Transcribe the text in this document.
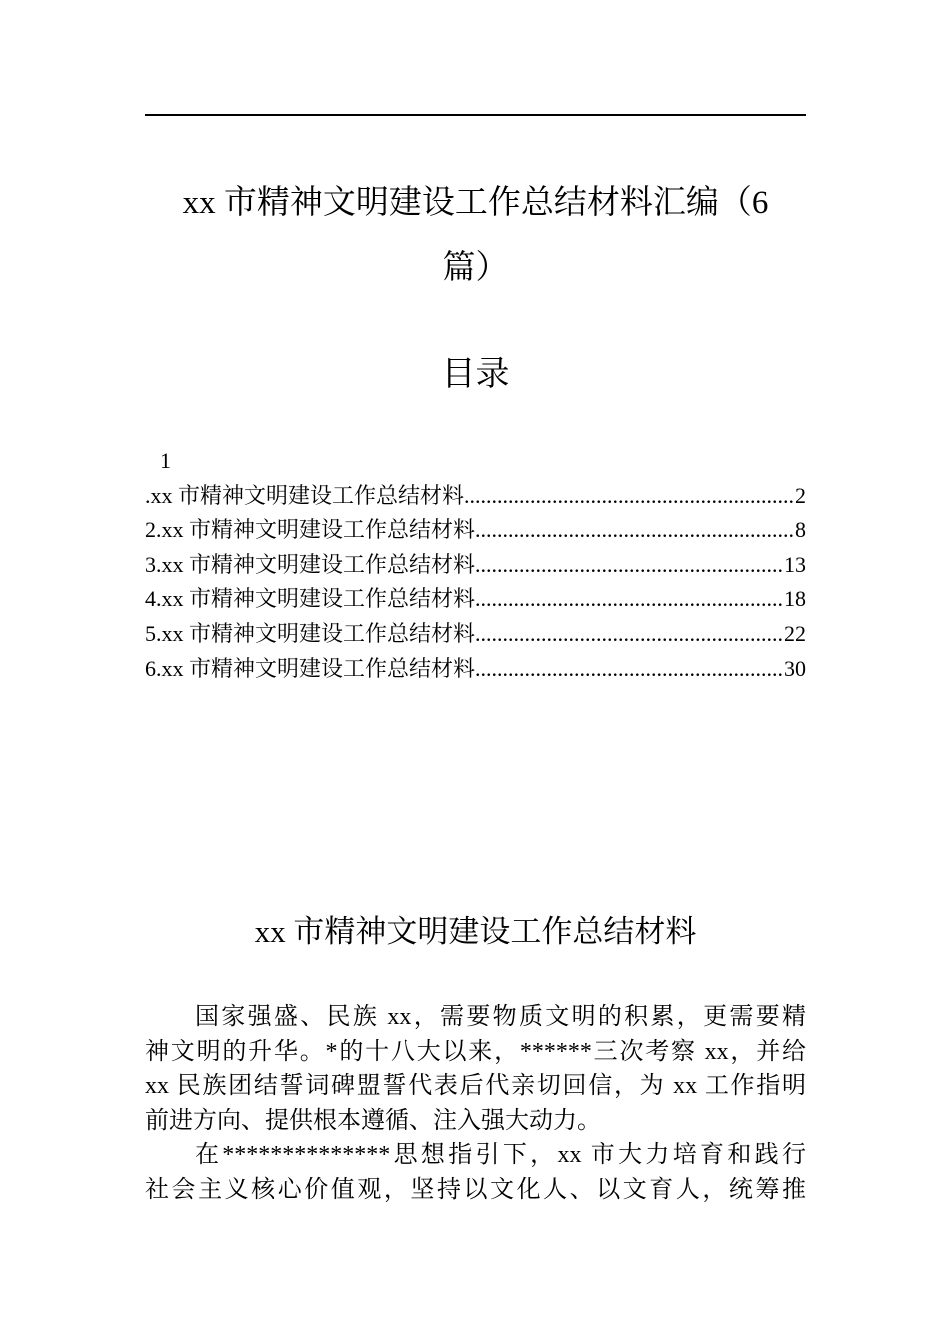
xx 市精神文明建设工作总结材料汇编（6
篇）
目录
1
.xx 市精神文明建设工作总结材料 .....	2
2.xx 市精神文明建设工作总结材料 .....	8
3.xx 市精神文明建设工作总结材料 .....	13
4.xx 市精神文明建设工作总结材料 .....	18
5.xx 市精神文明建设工作总结材料 .....	22
6.xx 市精神文明建设工作总结材料 .....	30
xx 市精神文明建设工作总结材料
国家强盛、民族 xx，需要物质文明的积累，更需要精
神文明的升华。*的十八大以来，******三次考察 xx，并给
xx 民族团结誓词碑盟誓代表后代亲切回信，为 xx 工作指明
前进方向、提供根本遵循、注入强大动力。
在**************思想指引下，xx 市大力培育和践行
社会主义核心价值观，坚持以文化人、以文育人，统筹推
